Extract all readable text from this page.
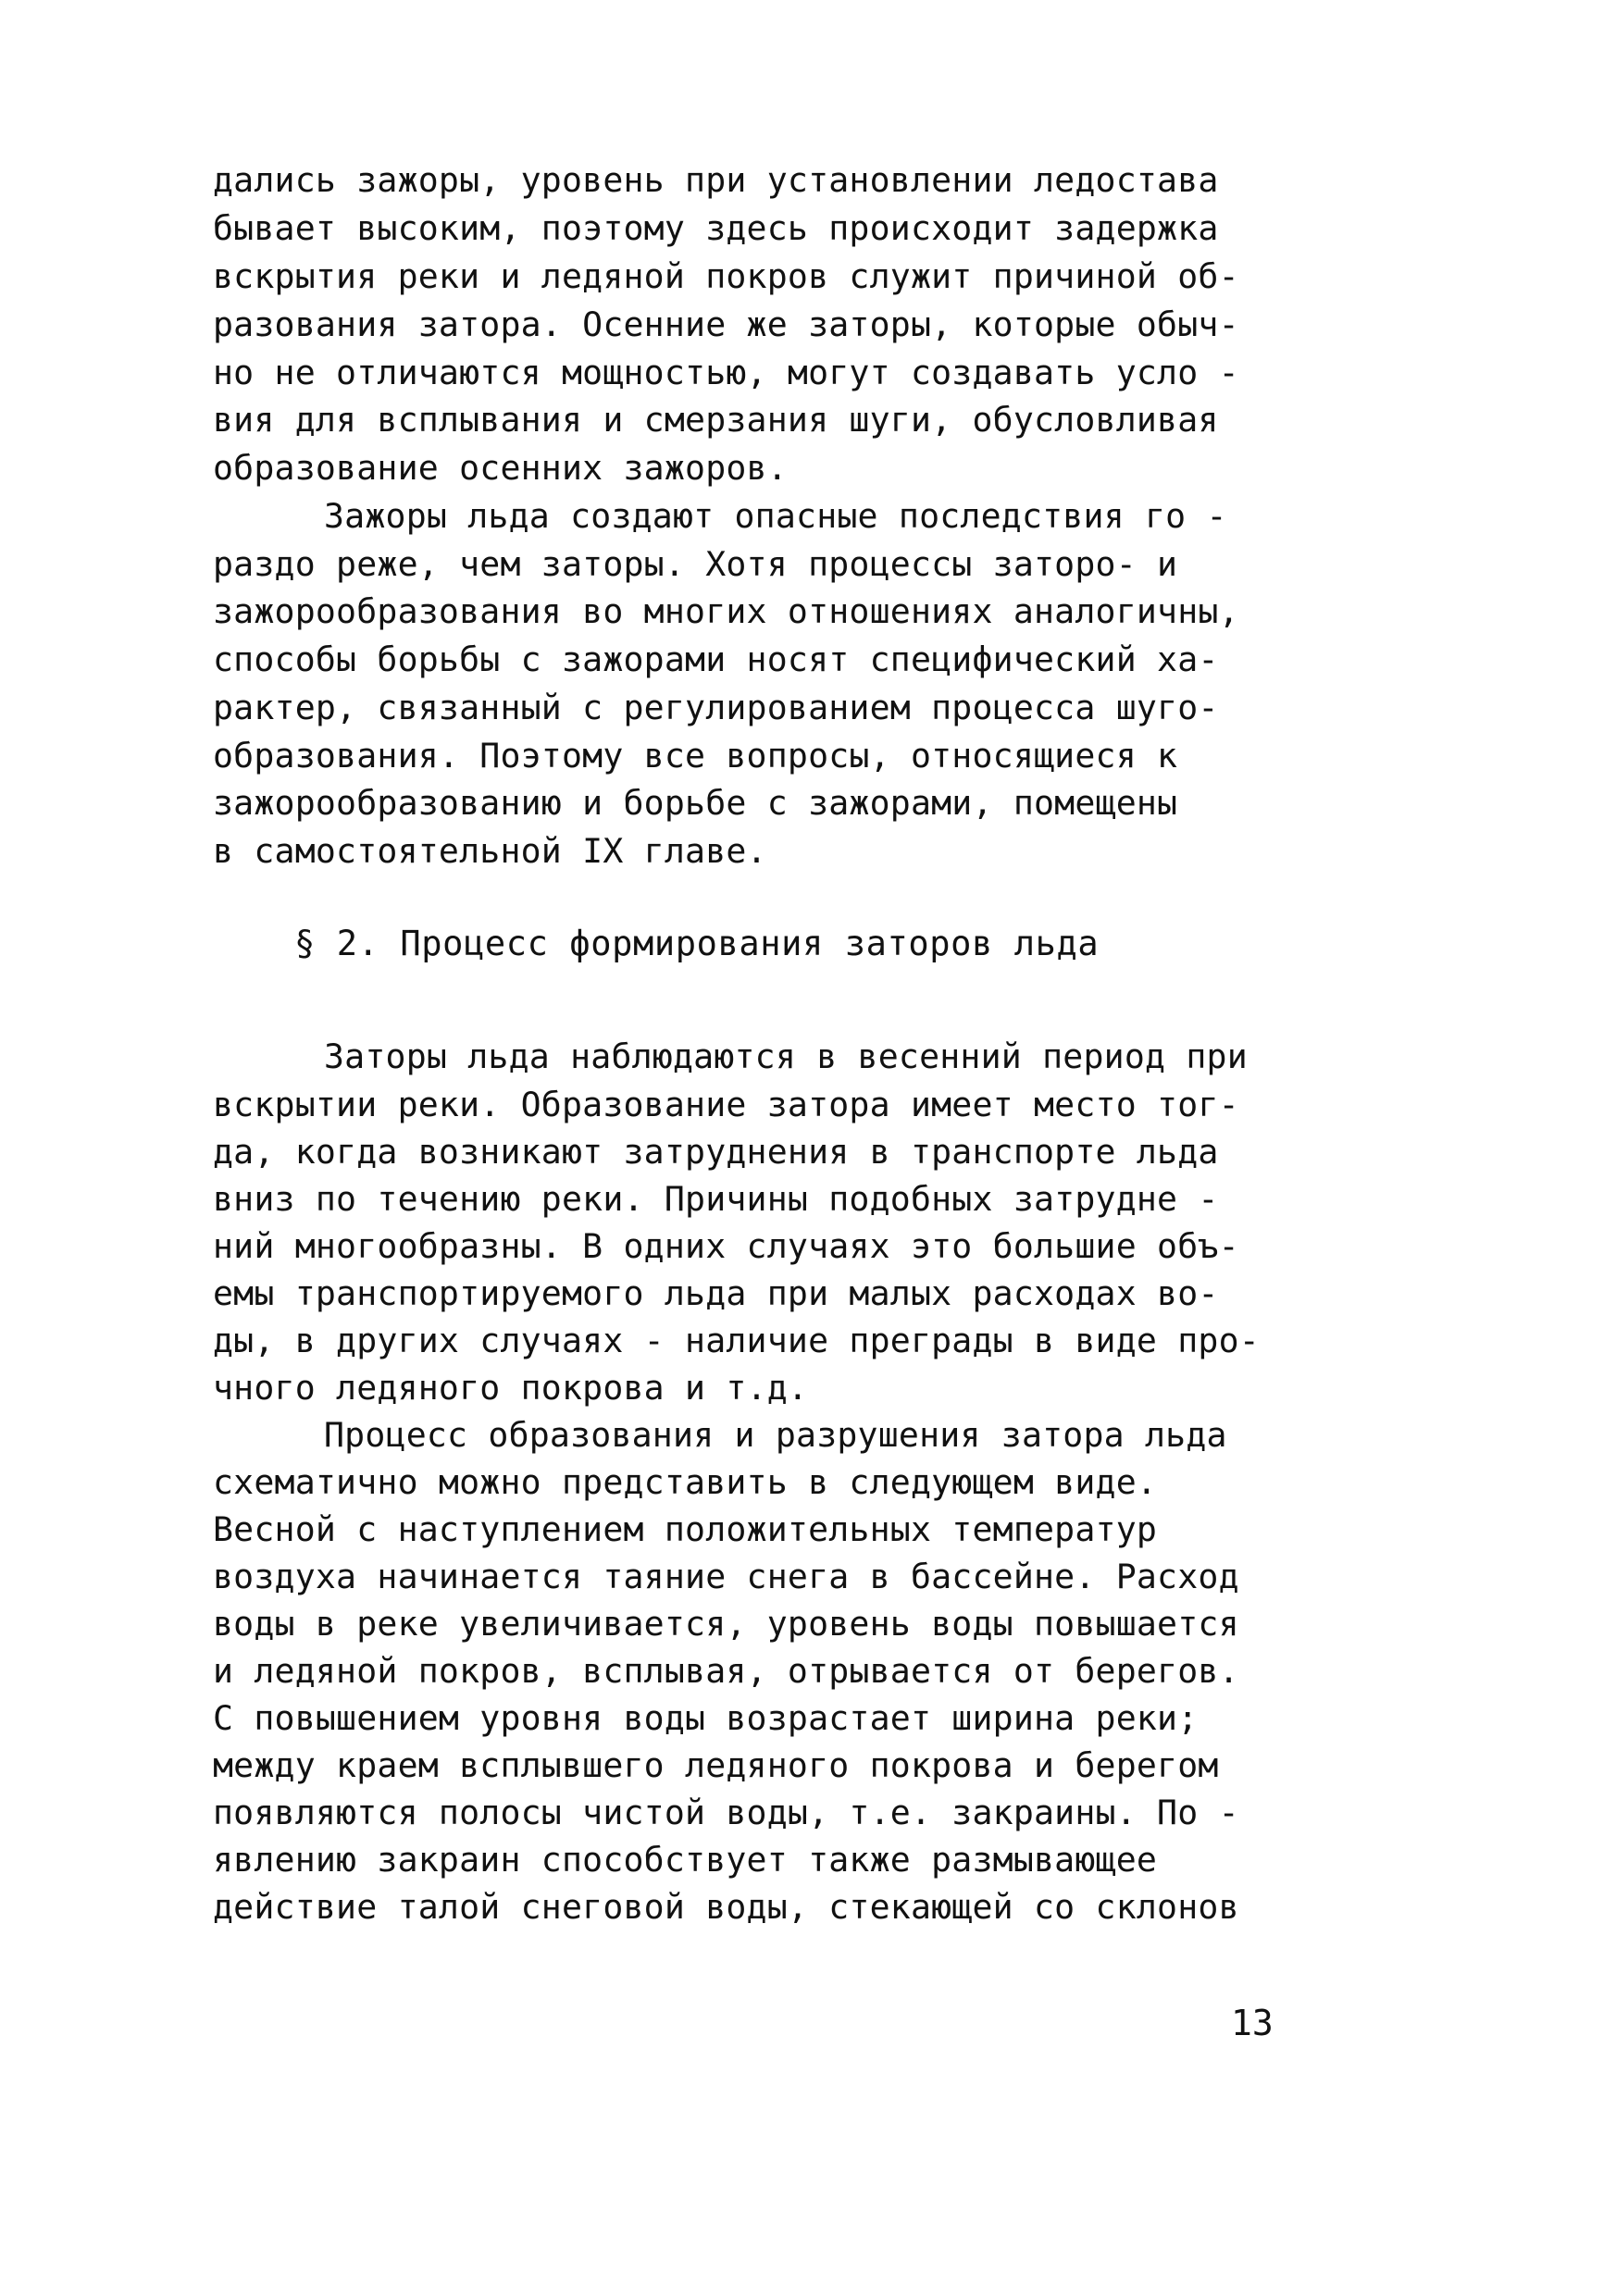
дались зажоры, уровень при установлении ледостава
бывает высоким, поэтому здесь происходит задержка
вскрытия реки и ледяной покров служит причиной об-
разования затора. Осенние же заторы, которые обыч-
но не отличаются мощностью, могут создавать усло -
вия для всплывания и смерзания шуги, обусловливая
образование осенних зажоров.
Зажоры льда создают опасные последствия го -
раздо реже, чем заторы. Хотя процессы заторо- и
зажорообразования во многих отношениях аналогичны,
способы борьбы с зажорами носят специфический ха-
рактер, связанный с регулированием процесса шуго-
образования. Поэтому все вопросы, относящиеся к
зажорообразованию и борьбе с зажорами, помещены
в самостоятельной IX главе.
§ 2. Процесс формирования заторов льда
Заторы льда наблюдаются в весенний период при
вскрытии реки. Образование затора имеет место тог-
да, когда возникают затруднения в транспорте льда
вниз по течению реки. Причины подобных затрудне -
ний многообразны. В одних случаях это большие объ-
емы транспортируемого льда при малых расходах во-
ды, в других случаях - наличие преграды в виде про-
чного ледяного покрова и т.д.
Процесс образования и разрушения затора льда
схематично можно представить в следующем виде.
Весной с наступлением положительных температур
воздуха начинается таяние снега в бассейне. Расход
воды в реке увеличивается, уровень воды повышается
и ледяной покров, всплывая, отрывается от берегов.
С повышением уровня воды возрастает ширина реки;
между краем всплывшего ледяного покрова и берегом
появляются полосы чистой воды, т.е. закраины. По -
явлению закраин способствует также размывающее
действие талой снеговой воды, стекающей со склонов
13
